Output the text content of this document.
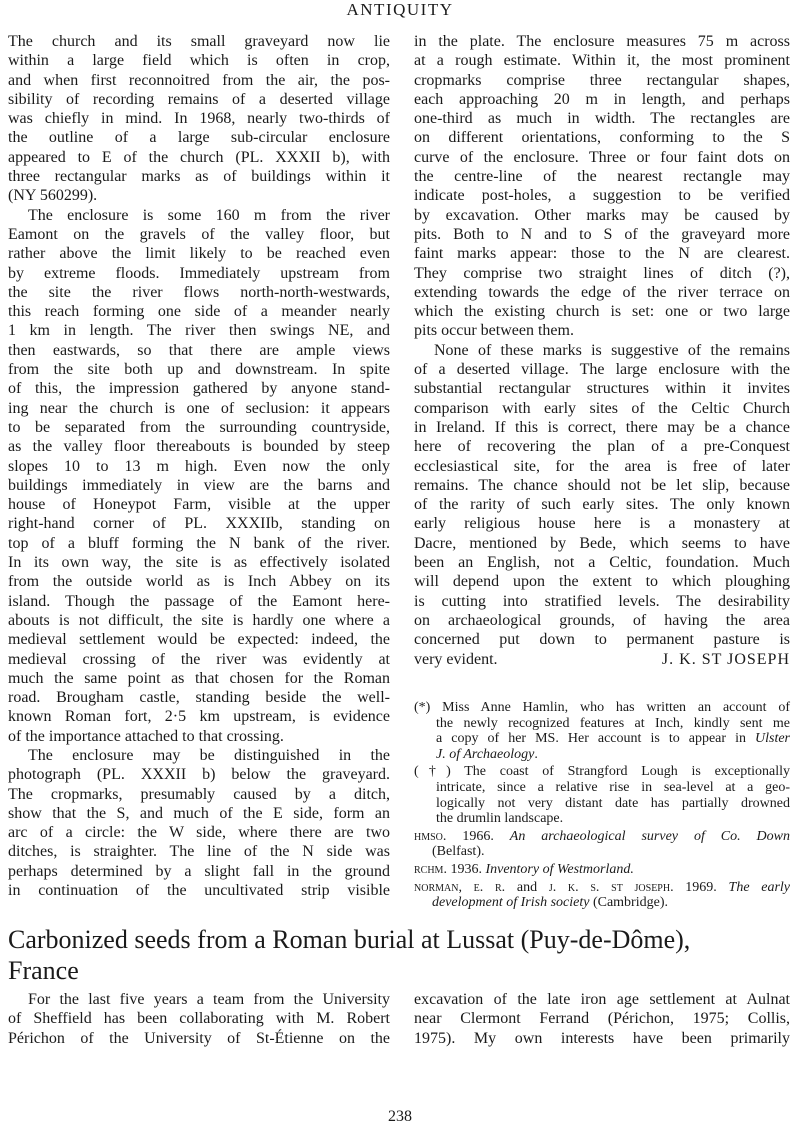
ANTIQUITY
The church and its small graveyard now lie
within a large field which is often in crop,
and when first reconnoitred from the air, the pos-
sibility of recording remains of a deserted village
was chiefly in mind. In 1968, nearly two-thirds of
the outline of a large sub-circular enclosure
appeared to E of the church (PL. XXXII b), with
three rectangular marks as of buildings within it
(NY 560299).
The enclosure is some 160 m from the river
Eamont on the gravels of the valley floor, but
rather above the limit likely to be reached even
by extreme floods. Immediately upstream from
the site the river flows north-north-westwards,
this reach forming one side of a meander nearly
1 km in length. The river then swings NE, and
then eastwards, so that there are ample views
from the site both up and downstream. In spite
of this, the impression gathered by anyone stand-
ing near the church is one of seclusion: it appears
to be separated from the surrounding countryside,
as the valley floor thereabouts is bounded by steep
slopes 10 to 13 m high. Even now the only
buildings immediately in view are the barns and
house of Honeypot Farm, visible at the upper
right-hand corner of PL. XXXIIb, standing on
top of a bluff forming the N bank of the river.
In its own way, the site is as effectively isolated
from the outside world as is Inch Abbey on its
island. Though the passage of the Eamont here-
abouts is not difficult, the site is hardly one where a
medieval settlement would be expected: indeed, the
medieval crossing of the river was evidently at
much the same point as that chosen for the Roman
road. Brougham castle, standing beside the well-
known Roman fort, 2·5 km upstream, is evidence
of the importance attached to that crossing.
The enclosure may be distinguished in the
photograph (PL. XXXII b) below the graveyard.
The cropmarks, presumably caused by a ditch,
show that the S, and much of the E side, form an
arc of a circle: the W side, where there are two
ditches, is straighter. The line of the N side was
perhaps determined by a slight fall in the ground
in continuation of the uncultivated strip visible
in the plate. The enclosure measures 75 m across
at a rough estimate. Within it, the most prominent
cropmarks comprise three rectangular shapes,
each approaching 20 m in length, and perhaps
one-third as much in width. The rectangles are
on different orientations, conforming to the S
curve of the enclosure. Three or four faint dots on
the centre-line of the nearest rectangle may
indicate post-holes, a suggestion to be verified
by excavation. Other marks may be caused by
pits. Both to N and to S of the graveyard more
faint marks appear: those to the N are clearest.
They comprise two straight lines of ditch (?),
extending towards the edge of the river terrace on
which the existing church is set: one or two large
pits occur between them.
None of these marks is suggestive of the remains
of a deserted village. The large enclosure with the
substantial rectangular structures within it invites
comparison with early sites of the Celtic Church
in Ireland. If this is correct, there may be a chance
here of recovering the plan of a pre-Conquest
ecclesiastical site, for the area is free of later
remains. The chance should not be let slip, because
of the rarity of such early sites. The only known
early religious house here is a monastery at
Dacre, mentioned by Bede, which seems to have
been an English, not a Celtic, foundation. Much
will depend upon the extent to which ploughing
is cutting into stratified levels. The desirability
on archaeological grounds, of having the area
concerned put down to permanent pasture is
very evident.	J. K. ST JOSEPH
(*) Miss Anne Hamlin, who has written an account of
the newly recognized features at Inch, kindly sent me
a copy of her MS. Her account is to appear in Ulster
J. of Archaeology.
(†) The coast of Strangford Lough is exceptionally
intricate, since a relative rise in sea-level at a geo-
logically not very distant date has partially drowned
the drumlin landscape.
hmso. 1966. An archaeological survey of Co. Down
(Belfast).
rchm. 1936. Inventory of Westmorland.
norman, e. r. and j. k. s. st joseph. 1969. The early
development of Irish society (Cambridge).
Carbonized seeds from a Roman burial at Lussat (Puy-de-Dôme),
France
For the last five years a team from the University
of Sheffield has been collaborating with M. Robert
Périchon of the University of St-Étienne on the
excavation of the late iron age settlement at Aulnat
near Clermont Ferrand (Périchon, 1975; Collis,
1975). My own interests have been primarily
238
